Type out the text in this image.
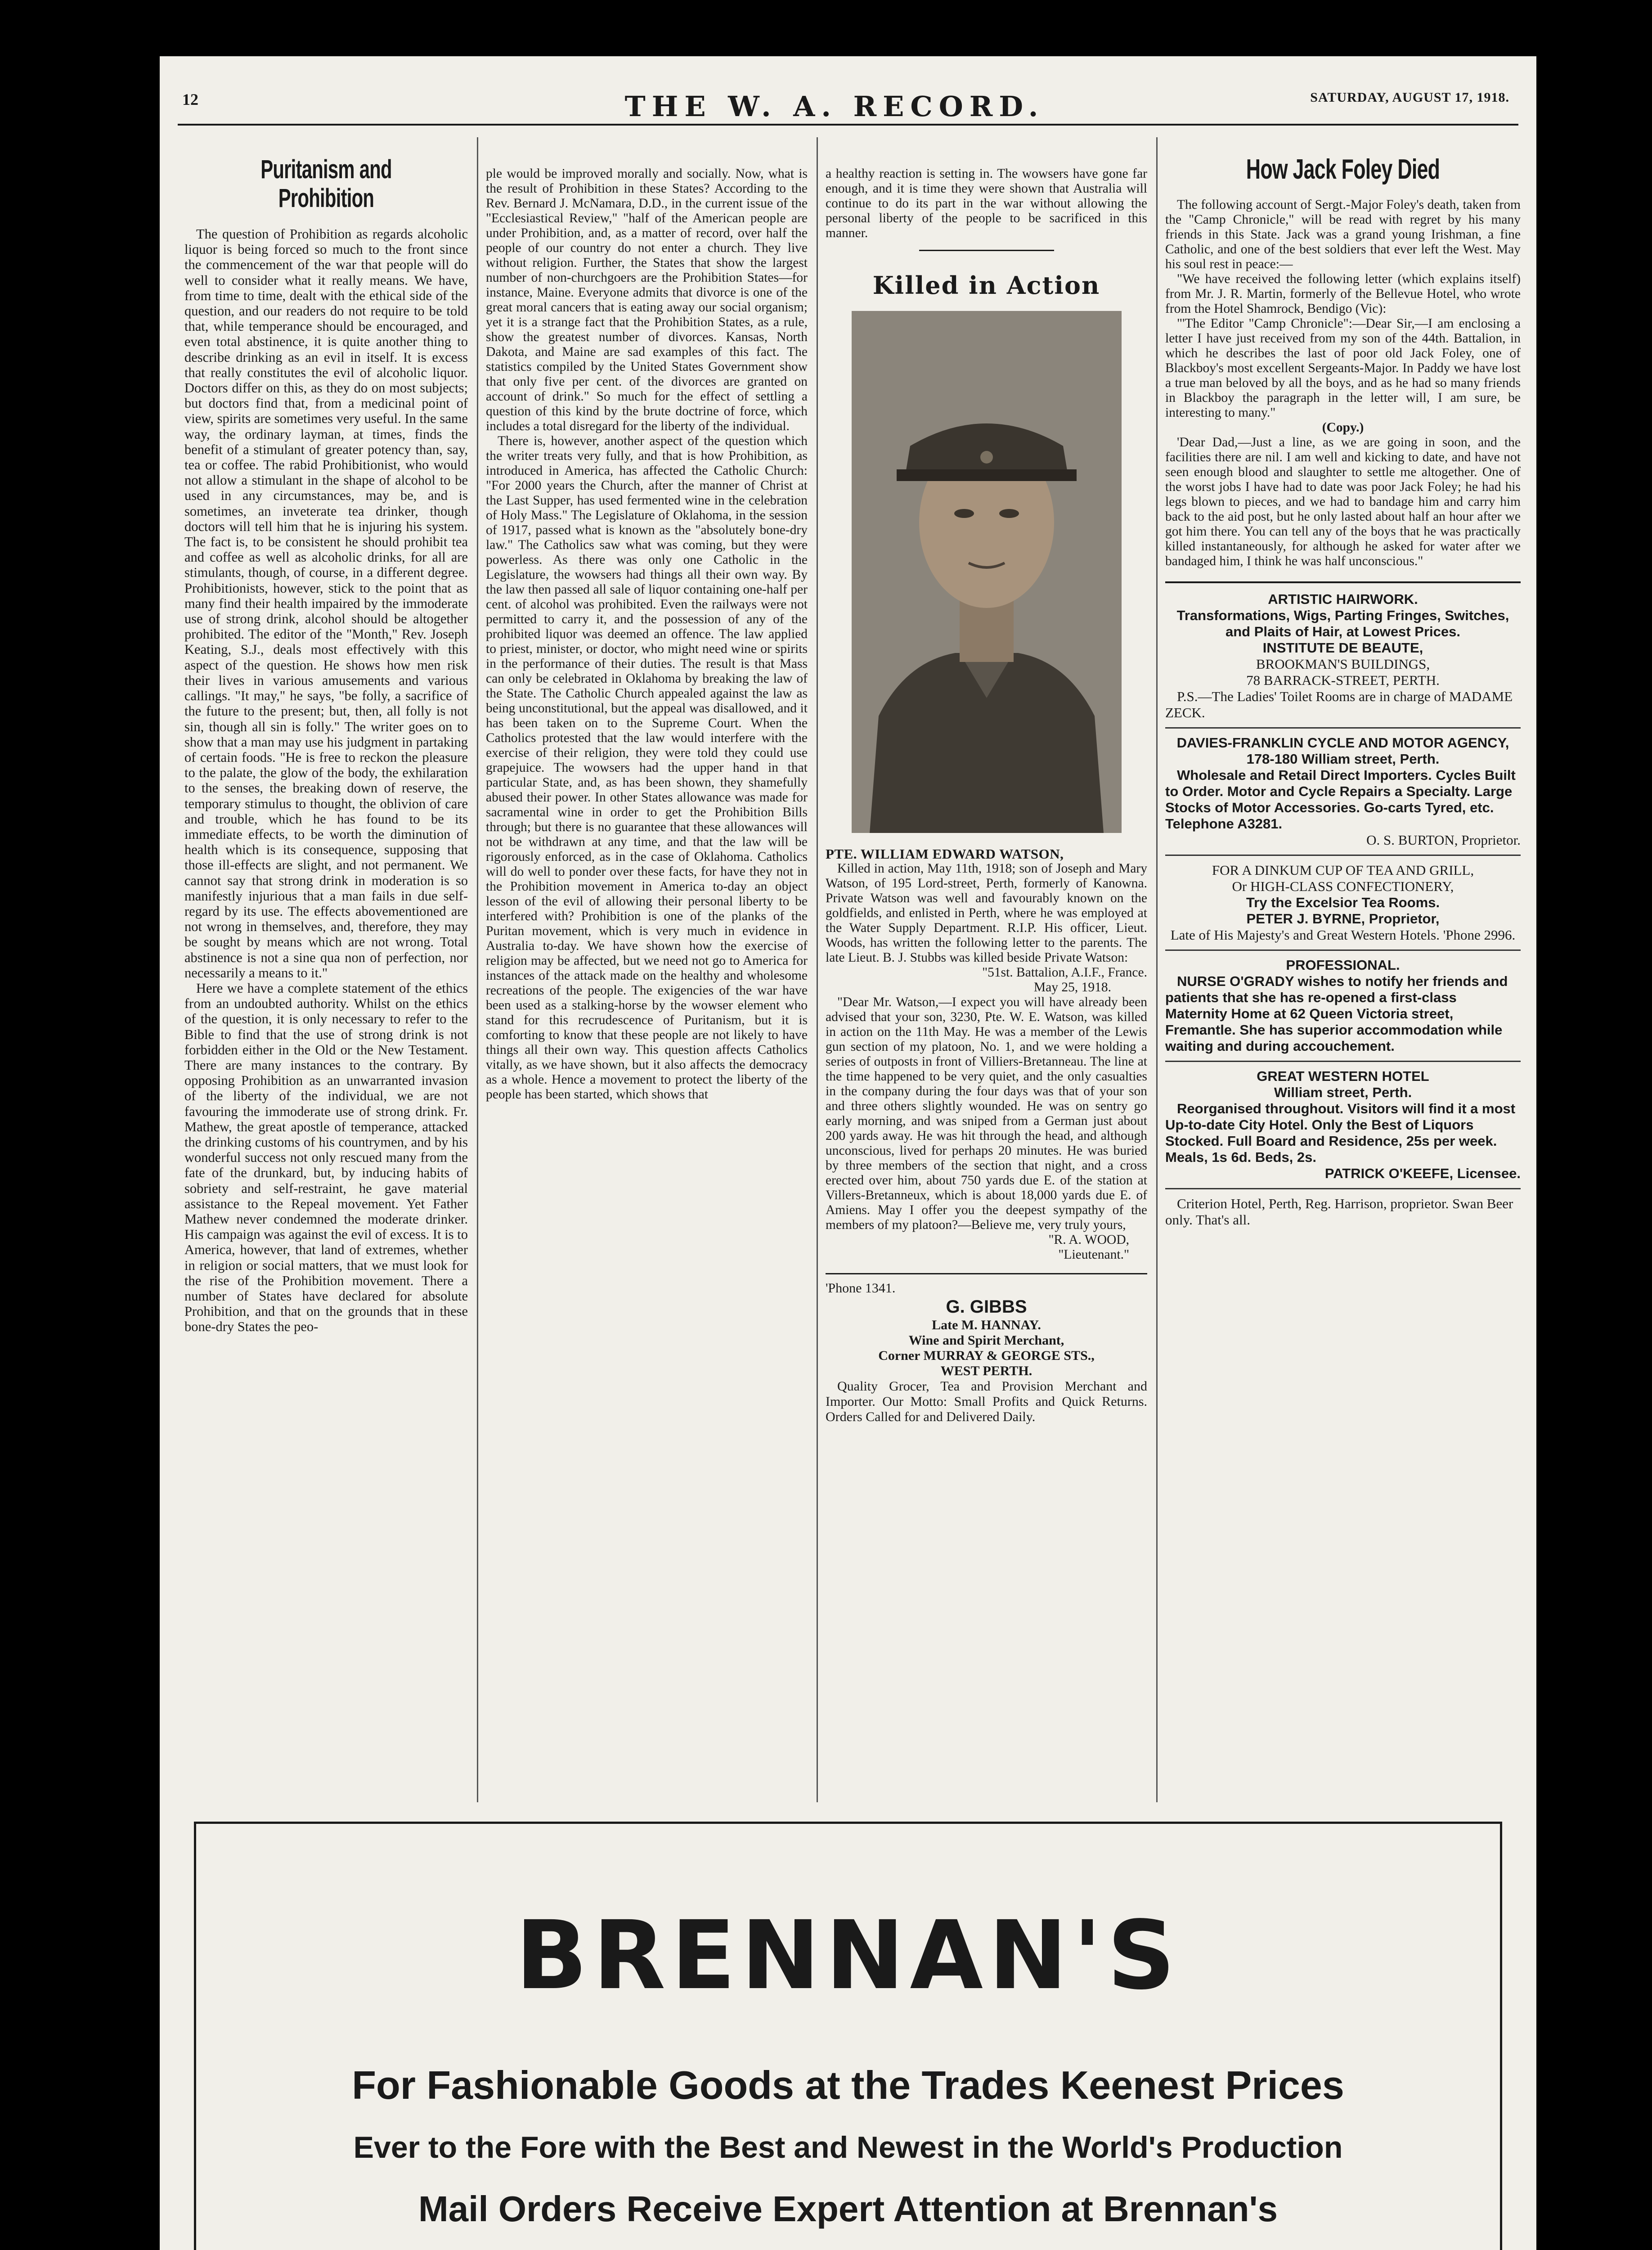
12	THE W. A. RECORD.	SATURDAY, AUGUST 17, 1918.
Puritanism and Prohibition

The question of Prohibition as regards alcoholic liquor is being forced so much to the front since the commencement of the war that people will do well to consider what it really means. We have, from time to time, dealt with the ethical side of the question, and our readers do not require to be told that, while temperance should be encouraged, and even total abstinence, it is quite another thing to describe drinking as an evil in itself. It is excess that really constitutes the evil of alcoholic liquor. Doctors differ on this, as they do on most subjects; but doctors find that, from a medicinal point of view, spirits are sometimes very useful. In the same way, the ordinary layman, at times, finds the benefit of a stimulant of greater potency than, say, tea or coffee. The rabid Prohibitionist, who would not allow a stimulant in the shape of alcohol to be used in any circumstances, may be, and is sometimes, an inveterate tea drinker, though doctors will tell him that he is injuring his system. The fact is, to be consistent he should prohibit tea and coffee as well as alcoholic drinks, for all are stimulants, though, of course, in a different degree. Prohibitionists, however, stick to the point that as many find their health impaired by the immoderate use of strong drink, alcohol should be altogether prohibited. The editor of the "Month," Rev. Joseph Keating, S.J., deals most effectively with this aspect of the question. He shows how men risk their lives in various amusements and various callings. "It may," he says, "be folly, a sacrifice of the future to the present; but, then, all folly is not sin, though all sin is folly." The writer goes on to show that a man may use his judgment in partaking of certain foods. "He is free to reckon the pleasure to the palate, the glow of the body, the exhilaration to the senses, the breaking down of reserve, the temporary stimulus to thought, the oblivion of care and trouble, which he has found to be its immediate effects, to be worth the diminution of health which is its consequence, supposing that those ill-effects are slight, and not permanent. We cannot say that strong drink in moderation is so manifestly injurious that a man fails in due self-regard by its use. The effects abovementioned are not wrong in themselves, and, therefore, they may be sought by means which are not wrong. Total abstinence is not a sine qua non of perfection, nor necessarily a means to it."

Here we have a complete statement of the ethics from an undoubted authority. Whilst on the ethics of the question, it is only necessary to refer to the Bible to find that the use of strong drink is not forbidden either in the Old or the New Testament. There are many instances to the contrary. By opposing Prohibition as an unwarranted invasion of the liberty of the individual, we are not favouring the immoderate use of strong drink. Fr. Mathew, the great apostle of temperance, attacked the drinking customs of his countrymen, and by his wonderful success not only rescued many from the fate of the drunkard, but, by inducing habits of sobriety and self-restraint, he gave material assistance to the Repeal movement. Yet Father Mathew never condemned the moderate drinker. His campaign was against the evil of excess. It is to America, however, that land of extremes, whether in religion or social matters, that we must look for the rise of the Prohibition movement. There a number of States have declared for absolute Prohibition, and that on the grounds that in these bone-dry States the peo-

ple would be improved morally and socially. Now, what is the result of Prohibition in these States? According to the Rev. Bernard J. McNamara, D.D., in the current issue of the "Ecclesiastical Review," "half of the American people are under Prohibition, and, as a matter of record, over half the people of our country do not enter a church. They live without religion. Further, the States that show the largest number of non-churchgoers are the Prohibition States—for instance, Maine. Everyone admits that divorce is one of the great moral cancers that is eating away our social organism; yet it is a strange fact that the Prohibition States, as a rule, show the greatest number of divorces. Kansas, North Dakota, and Maine are sad examples of this fact. The statistics compiled by the United States Government show that only five per cent. of the divorces are granted on account of drink." So much for the effect of settling a question of this kind by the brute doctrine of force, which includes a total disregard for the liberty of the individual.

There is, however, another aspect of the question which the writer treats very fully, and that is how Prohibition, as introduced in America, has affected the Catholic Church: "For 2000 years the Church, after the manner of Christ at the Last Supper, has used fermented wine in the celebration of Holy Mass." The Legislature of Oklahoma, in the session of 1917, passed what is known as the "absolutely bone-dry law." The Catholics saw what was coming, but they were powerless. As there was only one Catholic in the Legislature, the wowsers had things all their own way. By the law then passed all sale of liquor containing one-half per cent. of alcohol was prohibited. Even the railways were not permitted to carry it, and the possession of any of the prohibited liquor was deemed an offence. The law applied to priest, minister, or doctor, who might need wine or spirits in the performance of their duties. The result is that Mass can only be celebrated in Oklahoma by breaking the law of the State. The Catholic Church appealed against the law as being unconstitutional, but the appeal was disallowed, and it has been taken on to the Supreme Court. When the Catholics protested that the law would interfere with the exercise of their religion, they were told they could use grapejuice. The wowsers had the upper hand in that particular State, and, as has been shown, they shamefully abused their power. In other States allowance was made for sacramental wine in order to get the Prohibition Bills through; but there is no guarantee that these allowances will not be withdrawn at any time, and that the law will be rigorously enforced, as in the case of Oklahoma. Catholics will do well to ponder over these facts, for have they not in the Prohibition movement in America to-day an object lesson of the evil of allowing their personal liberty to be interfered with? Prohibition is one of the planks of the Puritan movement, which is very much in evidence in Australia to-day. We have shown how the exercise of religion may be affected, but we need not go to America for instances of the attack made on the healthy and wholesome recreations of the people. The exigencies of the war have been used as a stalking-horse by the wowser element who stand for this recrudescence of Puritanism, but it is comforting to know that these people are not likely to have things all their own way. This question affects Catholics vitally, as we have shown, but it also affects the democracy as a whole. Hence a movement to protect the liberty of the people has been started, which shows that

a healthy reaction is setting in. The wowsers have gone far enough, and it is time they were shown that Australia will continue to do its part in the war without allowing the personal liberty of the people to be sacrificed in this manner.

Killed in Action
PTE. WILLIAM EDWARD WATSON,

Killed in action, May 11th, 1918; son of Joseph and Mary Watson, of 195 Lord-street, Perth, formerly of Kanowna. Private Watson was well and favourably known on the goldfields, and enlisted in Perth, where he was employed at the Water Supply Department. R.I.P. His officer, Lieut. Woods, has written the following letter to the parents. The late Lieut. B. J. Stubbs was killed beside Private Watson:

"51st. Battalion, A.I.F., France.
May 25, 1918.

"Dear Mr. Watson,—I expect you will have already been advised that your son, 3230, Pte. W. E. Watson, was killed in action on the 11th May. He was a member of the Lewis gun section of my platoon, No. 1, and we were holding a series of outposts in front of Villiers-Bretanneau. The line at the time happened to be very quiet, and the only casualties in the company during the four days was that of your son and three others slightly wounded. He was on sentry go early morning, and was sniped from a German just about 200 yards away. He was hit through the head, and although unconscious, lived for perhaps 20 minutes. He was buried by three members of the section that night, and a cross erected over him, about 750 yards due E. of the station at Villers-Bretanneux, which is about 18,000 yards due E. of Amiens. May I offer you the deepest sympathy of the members of my platoon?—Believe me, very truly yours,

"R. A. WOOD,
"Lieutenant."
'Phone 1341.
G. GIBBS
Late M. HANNAY.
Wine and Spirit Merchant,
Corner MURRAY & GEORGE STS.,
WEST PERTH.

Quality Grocer, Tea and Provision Merchant and Importer. Our Motto: Small Profits and Quick Returns. Orders Called for and Delivered Daily.

How Jack Foley Died

The following account of Sergt.-Major Foley's death, taken from the "Camp Chronicle," will be read with regret by his many friends in this State. Jack was a grand young Irishman, a fine Catholic, and one of the best soldiers that ever left the West. May his soul rest in peace:—

"We have received the following letter (which explains itself) from Mr. J. R. Martin, formerly of the Bellevue Hotel, who wrote from the Hotel Shamrock, Bendigo (Vic):

"'The Editor "Camp Chronicle":—Dear Sir,—I am enclosing a letter I have just received from my son of the 44th. Battalion, in which he describes the last of poor old Jack Foley, one of Blackboy's most excellent Sergeants-Major. In Paddy we have lost a true man beloved by all the boys, and as he had so many friends in Blackboy the paragraph in the letter will, I am sure, be interesting to many."

(Copy.)

'Dear Dad,—Just a line, as we are going in soon, and the facilities there are nil. I am well and kicking to date, and have not seen enough blood and slaughter to settle me altogether. One of the worst jobs I have had to date was poor Jack Foley; he had his legs blown to pieces, and we had to bandage him and carry him back to the aid post, but he only lasted about half an hour after we got him there. You can tell any of the boys that he was practically killed instantaneously, for although he asked for water after we bandaged him, I think he was half unconscious."

ARTISTIC HAIRWORK.
Transformations, Wigs, Parting Fringes, Switches, and Plaits of Hair, at Lowest Prices.
INSTITUTE DE BEAUTE,
BROOKMAN'S BUILDINGS,
78 BARRACK-STREET, PERTH.
P.S.—The Ladies' Toilet Rooms are in charge of MADAME ZECK.
DAVIES-FRANKLIN CYCLE AND MOTOR AGENCY,
178-180 William street, Perth.
Wholesale and Retail Direct Importers. Cycles Built to Order. Motor and Cycle Repairs a Specialty. Large Stocks of Motor Accessories. Go-carts Tyred, etc. Telephone A3281.
O. S. BURTON, Proprietor.
FOR A DINKUM CUP OF TEA AND GRILL,
Or HIGH-CLASS CONFECTIONERY,
Try the Excelsior Tea Rooms.
PETER J. BYRNE, Proprietor,
Late of His Majesty's and Great Western Hotels. 'Phone 2996.
PROFESSIONAL.
NURSE O'GRADY wishes to notify her friends and patients that she has re-opened a first-class Maternity Home at 62 Queen Victoria street, Fremantle. She has superior accommodation while waiting and during accouchement.
GREAT WESTERN HOTEL
William street, Perth.
Reorganised throughout. Visitors will find it a most Up-to-date City Hotel. Only the Best of Liquors Stocked. Full Board and Residence, 25s per week. Meals, 1s 6d. Beds, 2s.
PATRICK O'KEEFE, Licensee.
Criterion Hotel, Perth, Reg. Harrison, proprietor. Swan Beer only. That's all.
BRENNAN'S
For Fashionable Goods at the Trades Keenest Prices
Ever to the Fore with the Best and Newest in the World's Production
Mail Orders Receive Expert Attention at Brennan's
